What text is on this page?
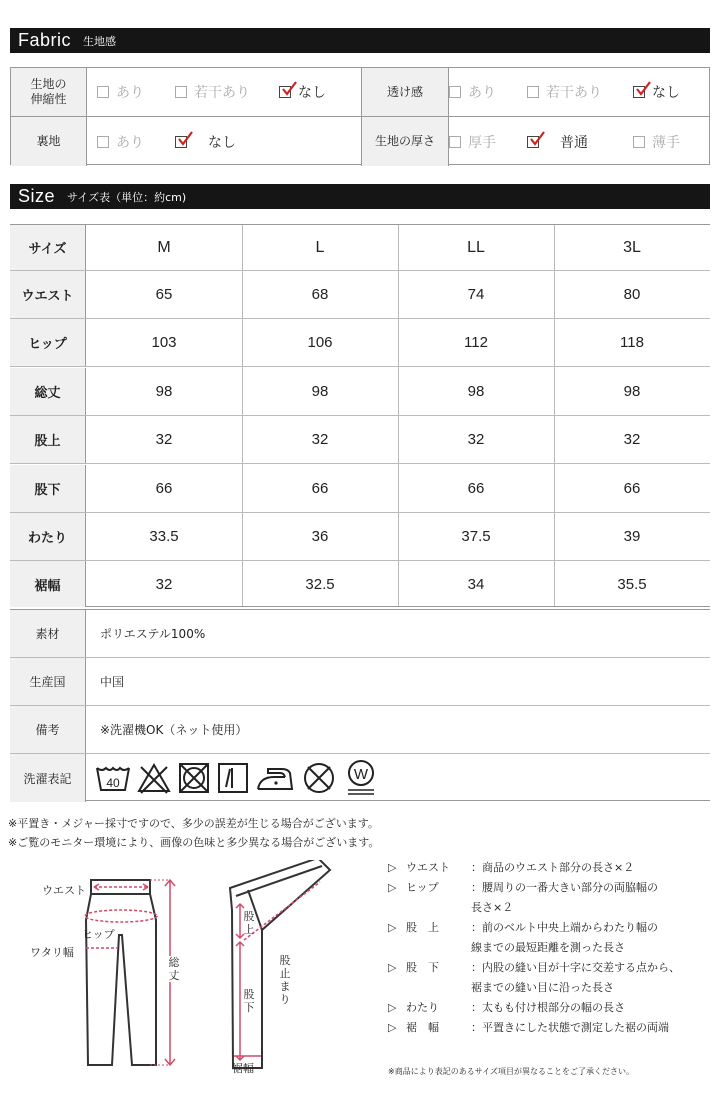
Fabric 生地感
生地の
伸縮性	あり	若干あり	なし	透け感	あり	若干あり	なし
裏地	あり	なし	生地の厚さ	厚手	普通	薄手
Size サイズ表（単位：約cm)
サイズ	M	L	LL	3L
ウエスト	65	68	74	80
ヒップ	103	106	112	118
総丈	98	98	98	98
股上	32	32	32	32
股下	66	66	66	66
わたり	33.5	36	37.5	39
裾幅	32	32.5	34	35.5
素材	ポリエステル100%
生産国	中国
備考	※洗濯機OK（ネット使用）
洗濯表記	40	W
※平置き・メジャー採寸ですので、多少の誤差が生じる場合がございます。
※ご覧のモニター環境により、画像の色味と多少異なる場合がございます。
ウエスト
ヒップ
ワタリ幅
総丈
股上
股下
股止まり
裾幅
▷ ウエスト	：商品のウエスト部分の長さ×２
▷ ヒップ	：腰周りの一番大きい部分の両脇幅の
長さ×２
▷ 股　上	：前のベルト中央上端からわたり幅の
線までの最短距離を測った長さ
▷ 股　下	：内股の縫い目が十字に交差する点から、
裾までの縫い目に沿った長さ
▷ わたり	：太もも付け根部分の幅の長さ
▷ 裾　幅	：平置きにした状態で測定した裾の両端
※商品により表記のあるサイズ項目が異なることをご了承ください。
